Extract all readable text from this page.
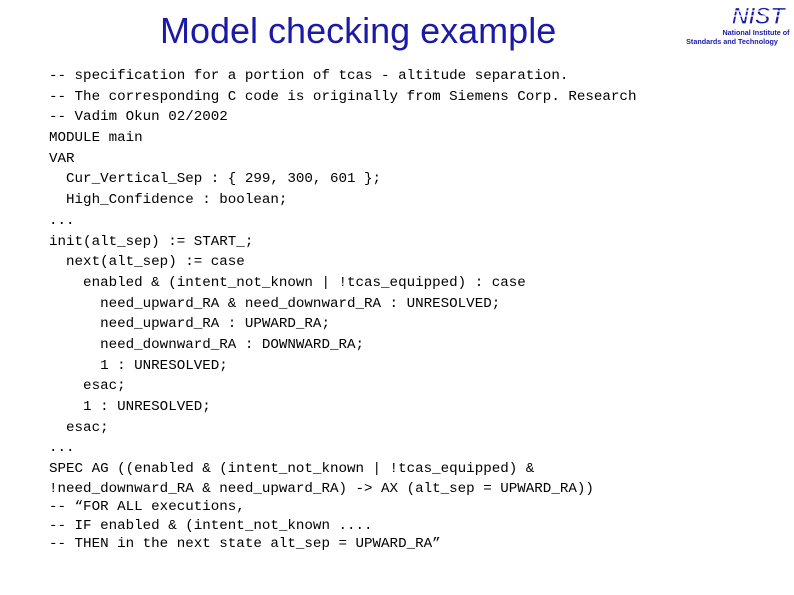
Model checking example	NIST
National Institute of
Standards and Technology
-- specification for a portion of tcas - altitude separation.
-- The corresponding C code is originally from Siemens Corp. Research
-- Vadim Okun 02/2002
MODULE main
VAR
Cur_Vertical_Sep : { 299, 300, 601 };
High_Confidence : boolean;
...
init(alt_sep) := START_;
next(alt_sep) := case
enabled & (intent_not_known | !tcas_equipped) : case
need_upward_RA & need_downward_RA : UNRESOLVED;
need_upward_RA : UPWARD_RA;
need_downward_RA : DOWNWARD_RA;
1 : UNRESOLVED;
esac;
1 : UNRESOLVED;
esac;
...
SPEC AG ((enabled & (intent_not_known | !tcas_equipped) &
!need_downward_RA & need_upward_RA) -> AX (alt_sep = UPWARD_RA))
-- “FOR ALL executions,
-- IF enabled & (intent_not_known ....
-- THEN in the next state alt_sep = UPWARD_RA”
